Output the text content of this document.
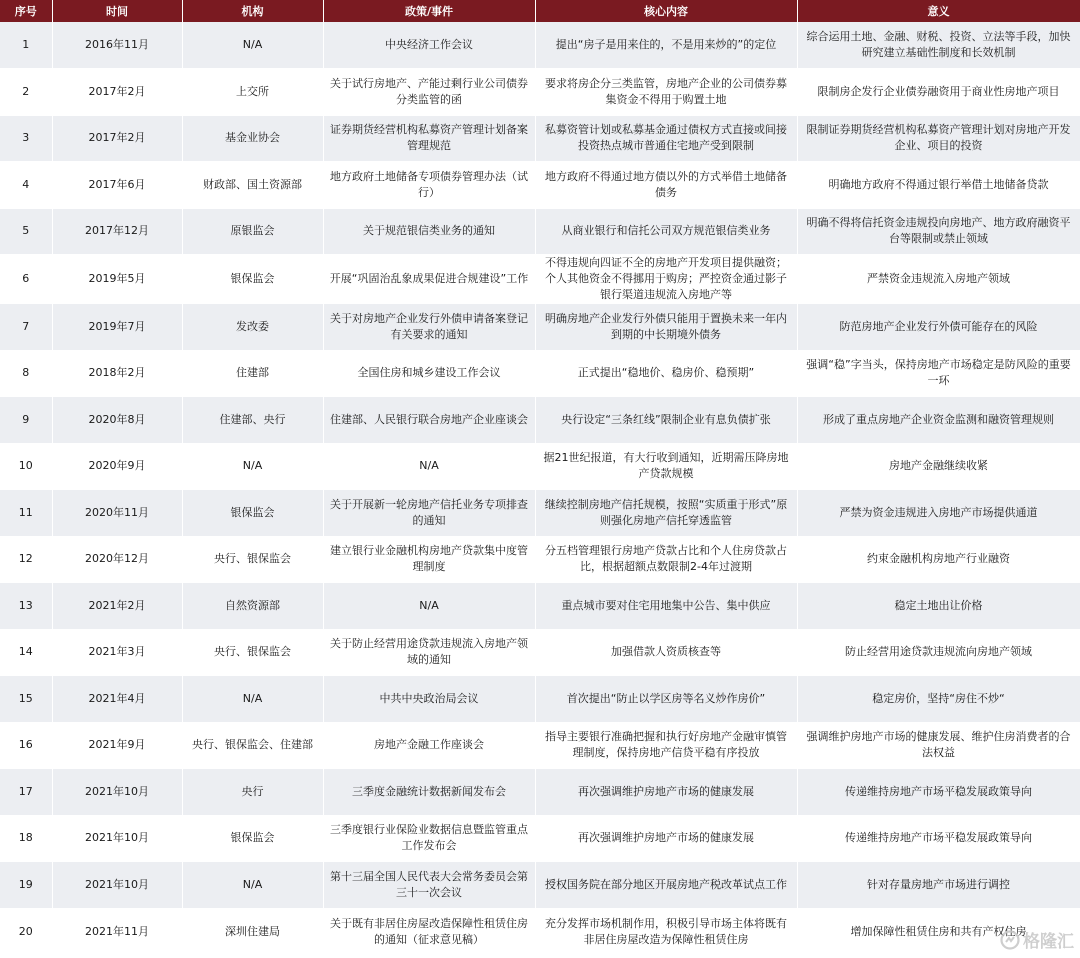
序号	时间	机构	政策/事件	核心内容	意义
1	2016年11月	N/A	中央经济工作会议	提出“房子是用来住的，不是用来炒的”的定位	综合运用土地、金融、财税、投资、立法等手段，加快研究建立基础性制度和长效机制
2	2017年2月	上交所	关于试行房地产、产能过剩行业公司债券分类监管的函	要求将房企分三类监管，房地产企业的公司债券募集资金不得用于购置土地	限制房企发行企业债券融资用于商业性房地产项目
3	2017年2月	基金业协会	证券期货经营机构私募资产管理计划备案管理规范	私募资管计划或私募基金通过债权方式直接或间接投资热点城市普通住宅地产受到限制	限制证券期货经营机构私募资产管理计划对房地产开发企业、项目的投资
4	2017年6月	财政部、国土资源部	地方政府土地储备专项债券管理办法（试行）	地方政府不得通过地方债以外的方式举借土地储备债务	明确地方政府不得通过银行举借土地储备贷款
5	2017年12月	原银监会	关于规范银信类业务的通知	从商业银行和信托公司双方规范银信类业务	明确不得将信托资金违规投向房地产、地方政府融资平台等限制或禁止领域
6	2019年5月	银保监会	开展“巩固治乱象成果促进合规建设”工作	不得违规向四证不全的房地产开发项目提供融资；个人其他资金不得挪用于购房；严控资金通过影子银行渠道违规流入房地产等	严禁资金违规流入房地产领域
7	2019年7月	发改委	关于对房地产企业发行外债申请备案登记有关要求的通知	明确房地产企业发行外债只能用于置换未来一年内到期的中长期境外债务	防范房地产企业发行外债可能存在的风险
8	2018年2月	住建部	全国住房和城乡建设工作会议	正式提出“稳地价、稳房价、稳预期”	强调“稳”字当头，保持房地产市场稳定是防风险的重要一环
9	2020年8月	住建部、央行	住建部、人民银行联合房地产企业座谈会	央行设定“三条红线”限制企业有息负债扩张	形成了重点房地产企业资金监测和融资管理规则
10	2020年9月	N/A	N/A	据21世纪报道，有大行收到通知，近期需压降房地产贷款规模	房地产金融继续收紧
11	2020年11月	银保监会	关于开展新一轮房地产信托业务专项排查的通知	继续控制房地产信托规模，按照“实质重于形式”原则强化房地产信托穿透监管	严禁为资金违规进入房地产市场提供通道
12	2020年12月	央行、银保监会	建立银行业金融机构房地产贷款集中度管理制度	分五档管理银行房地产贷款占比和个人住房贷款占比，根据超额点数限制2-4年过渡期	约束金融机构房地产行业融资
13	2021年2月	自然资源部	N/A	重点城市要对住宅用地集中公告、集中供应	稳定土地出让价格
14	2021年3月	央行、银保监会	关于防止经营用途贷款违规流入房地产领域的通知	加强借款人资质核查等	防止经营用途贷款违规流向房地产领域
15	2021年4月	N/A	中共中央政治局会议	首次提出“防止以学区房等名义炒作房价”	稳定房价，坚持“房住不炒“
16	2021年9月	央行、银保监会、住建部	房地产金融工作座谈会	指导主要银行准确把握和执行好房地产金融审慎管理制度，保持房地产信贷平稳有序投放	强调维护房地产市场的健康发展、维护住房消费者的合法权益
17	2021年10月	央行	三季度金融统计数据新闻发布会	再次强调维护房地产市场的健康发展	传递维持房地产市场平稳发展政策导向
18	2021年10月	银保监会	三季度银行业保险业数据信息暨监管重点工作发布会	再次强调维护房地产市场的健康发展	传递维持房地产市场平稳发展政策导向
19	2021年10月	N/A	第十三届全国人民代表大会常务委员会第三十一次会议	授权国务院在部分地区开展房地产税改革试点工作	针对存量房地产市场进行调控
20	2021年11月	深圳住建局	关于既有非居住房屋改造保障性租赁住房的通知（征求意见稿）	充分发挥市场机制作用，积极引导市场主体将既有非居住房屋改造为保障性租赁住房	增加保障性租赁住房和共有产权住房
格隆汇
